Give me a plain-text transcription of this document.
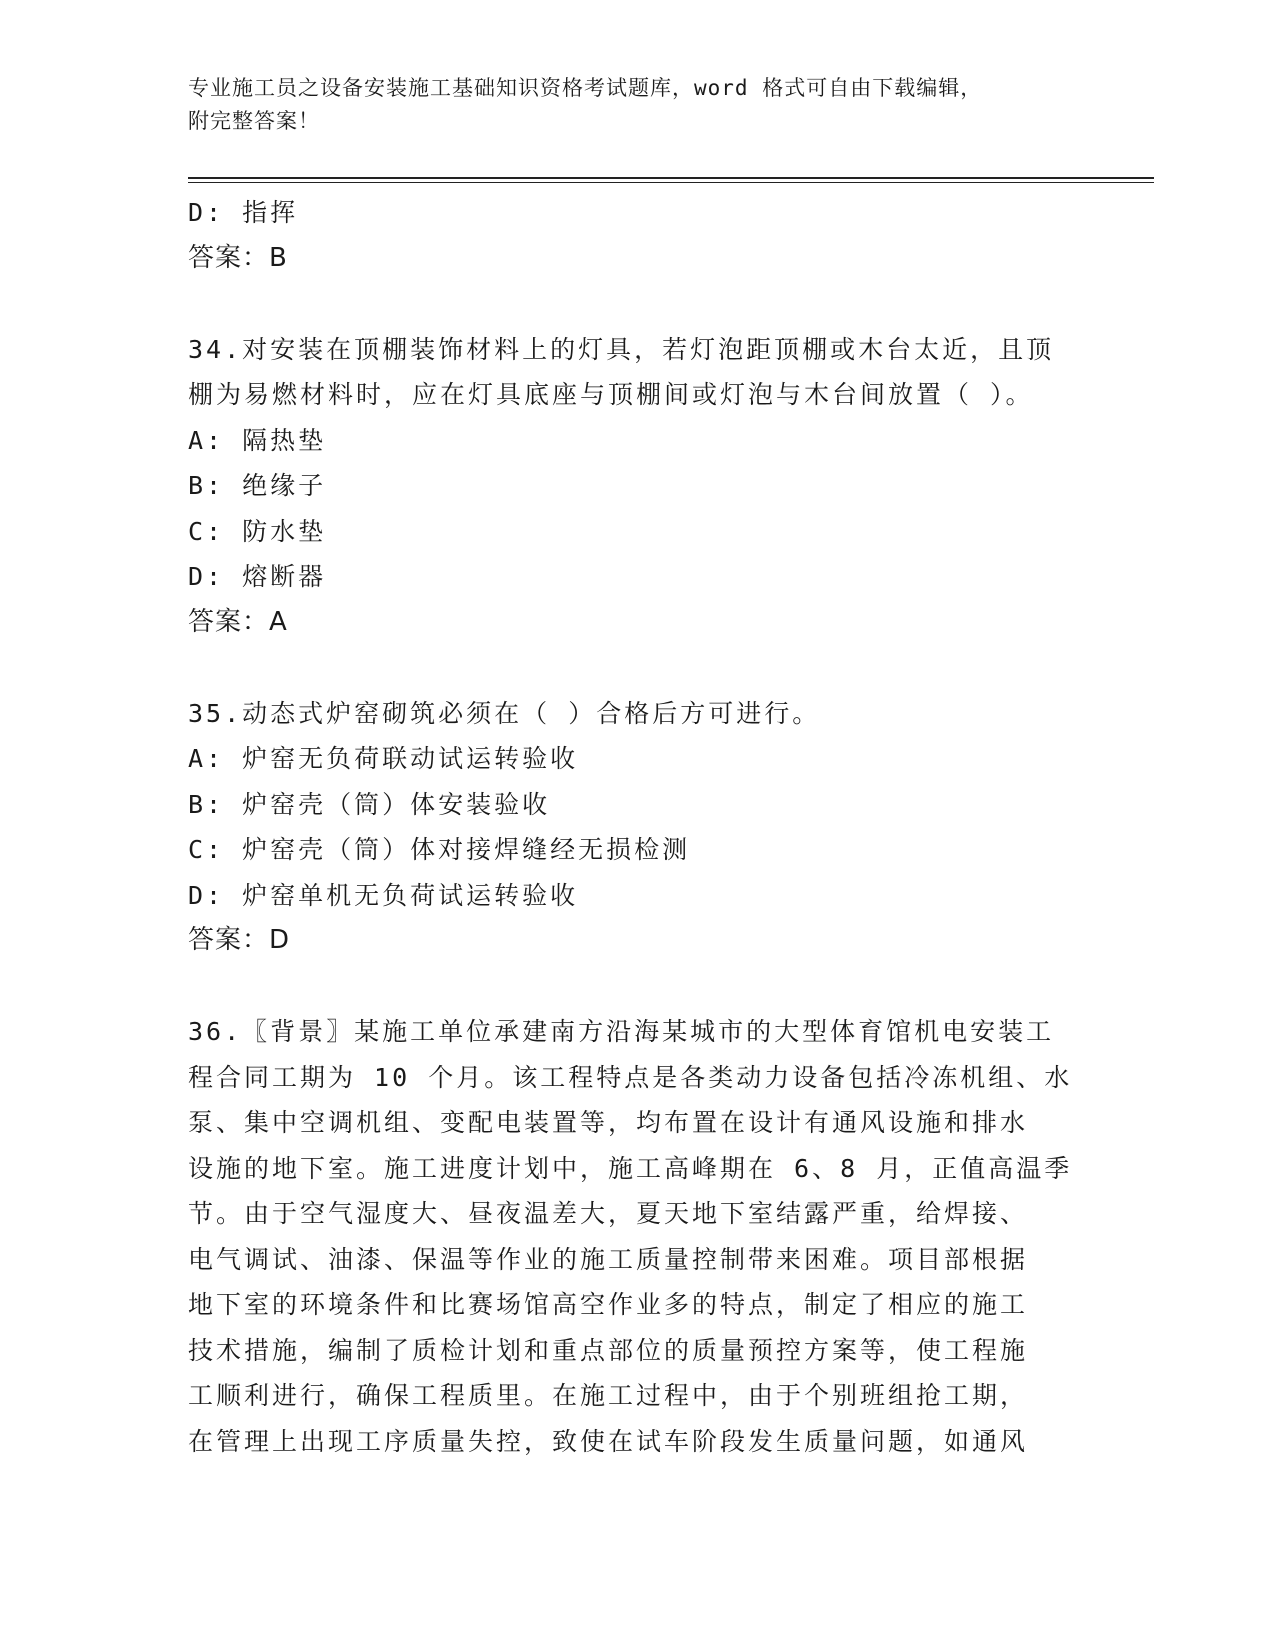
专业施工员之设备安装施工基础知识资格考试题库，word 格式可自由下载编辑，
附完整答案！
D: 指挥
答案：B
34.对安装在顶棚装饰材料上的灯具，若灯泡距顶棚或木台太近，且顶
棚为易燃材料时，应在灯具底座与顶棚间或灯泡与木台间放置（ ）。
A: 隔热垫
B: 绝缘子
C: 防水垫
D: 熔断器
答案：A
35.动态式炉窑砌筑必须在（ ）合格后方可进行。
A: 炉窑无负荷联动试运转验收
B: 炉窑壳（筒）体安装验收
C: 炉窑壳（筒）体对接焊缝经无损检测
D: 炉窑单机无负荷试运转验收
答案：D
36.〖背景〗某施工单位承建南方沿海某城市的大型体育馆机电安装工
程合同工期为 10 个月。该工程特点是各类动力设备包括冷冻机组、水
泵、集中空调机组、变配电装置等，均布置在设计有通风设施和排水
设施的地下室。施工进度计划中，施工高峰期在 6、8 月，正值高温季
节。由于空气湿度大、昼夜温差大，夏天地下室结露严重，给焊接、
电气调试、油漆、保温等作业的施工质量控制带来困难。项目部根据
地下室的环境条件和比赛场馆高空作业多的特点，制定了相应的施工
技术措施，编制了质检计划和重点部位的质量预控方案等，使工程施
工顺利进行，确保工程质里。在施工过程中，由于个别班组抢工期，
在管理上出现工序质量失控，致使在试车阶段发生质量问题，如通风
